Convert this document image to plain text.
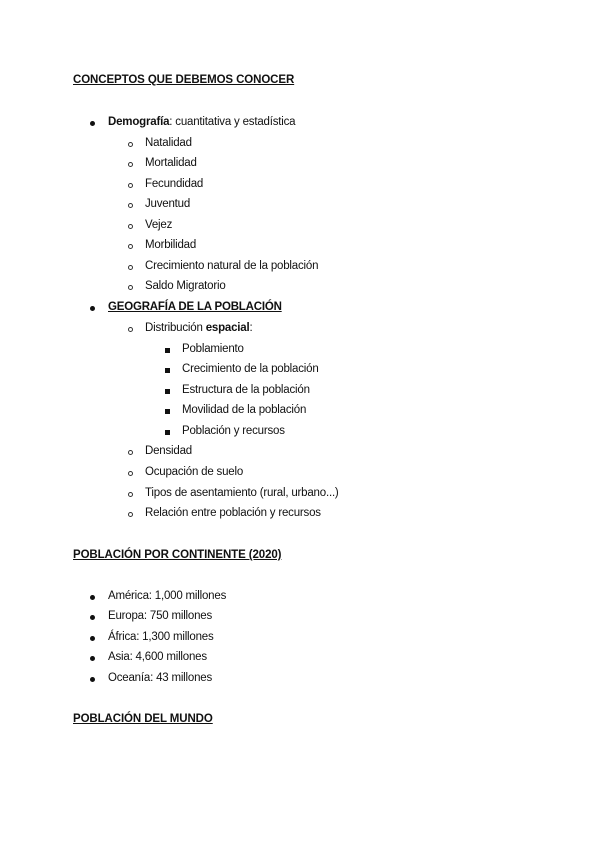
CONCEPTOS QUE DEBEMOS CONOCER
Demografía: cuantitativa y estadística
Natalidad
Mortalidad
Fecundidad
Juventud
Vejez
Morbilidad
Crecimiento natural de la población
Saldo Migratorio
GEOGRAFÍA DE LA POBLACIÓN
Distribución espacial:
Poblamiento
Crecimiento de la población
Estructura de la población
Movilidad de la población
Población y recursos
Densidad
Ocupación de suelo
Tipos de asentamiento (rural, urbano...)
Relación entre población y recursos
POBLACIÓN POR CONTINENTE (2020)
América: 1,000 millones
Europa: 750 millones
África: 1,300 millones
Asia: 4,600 millones
Oceanía: 43 millones
POBLACIÓN DEL MUNDO
